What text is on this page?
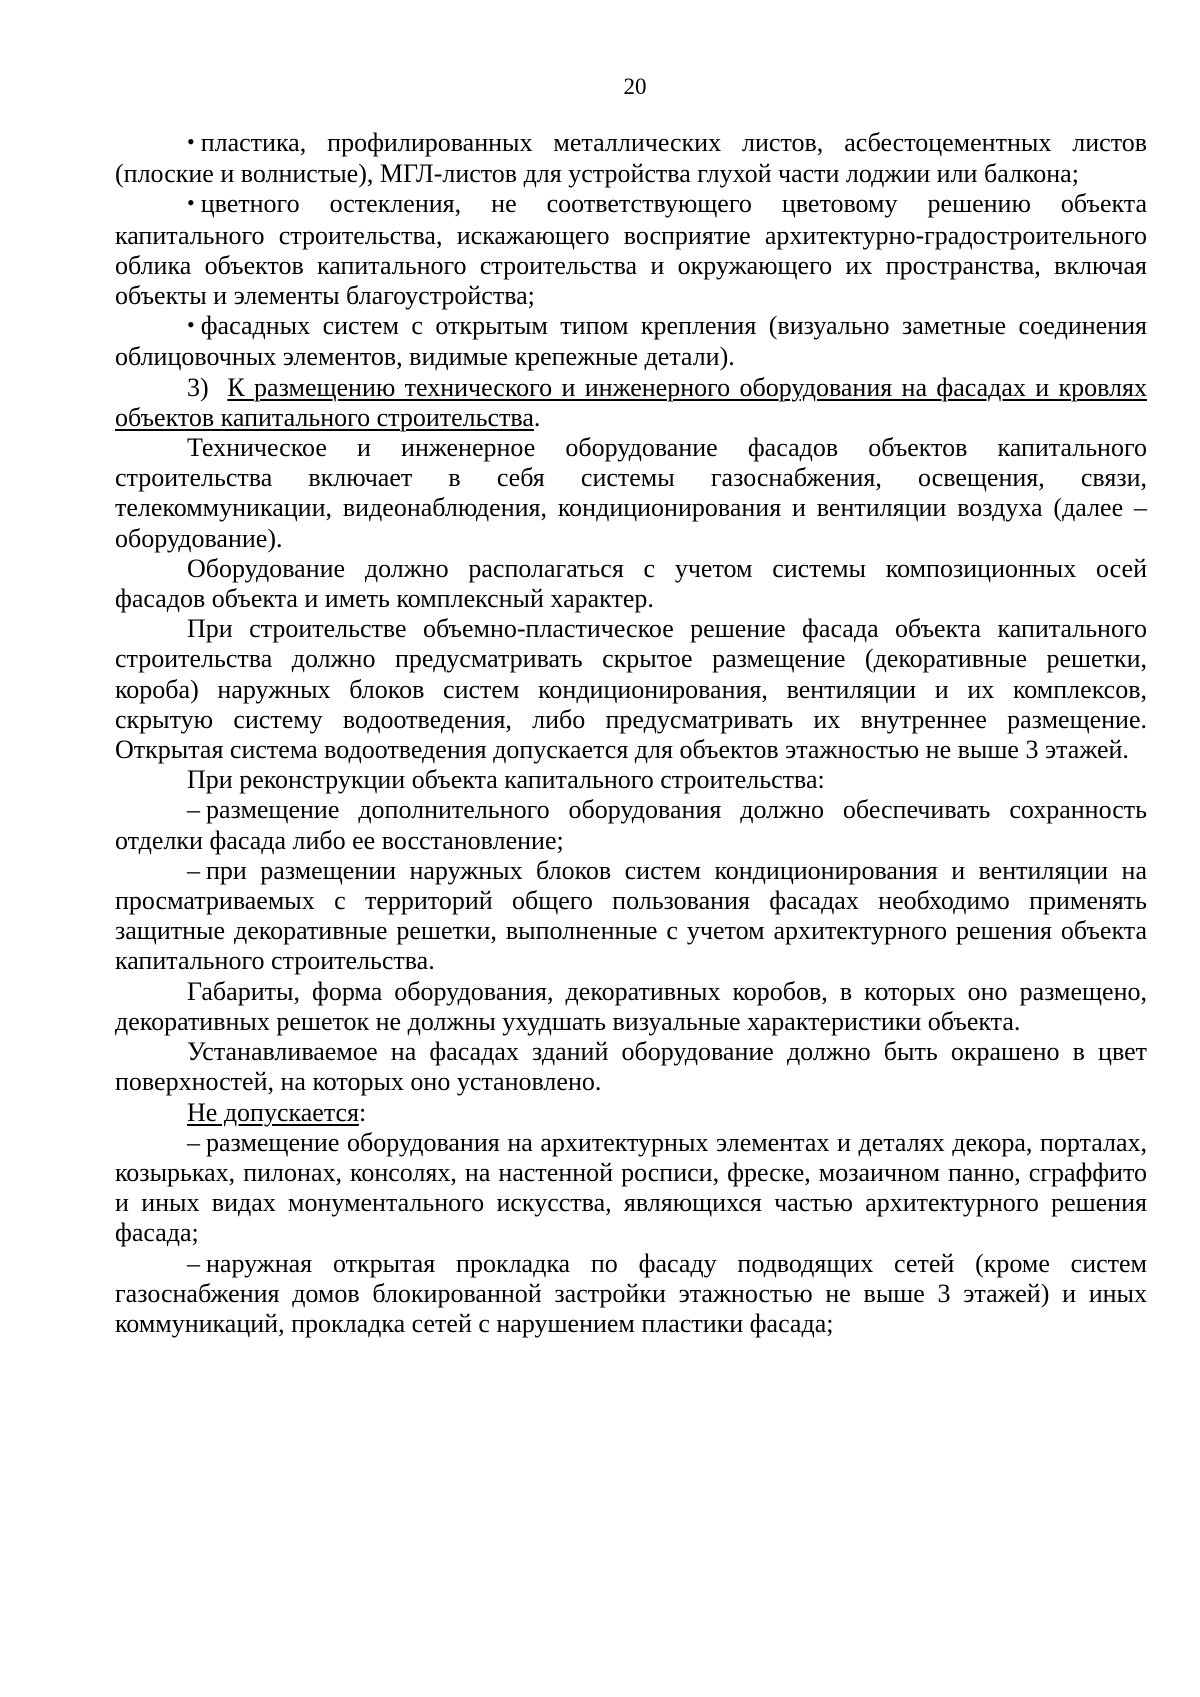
20

• пластика, профилированных металлических листов, асбестоцементных листов (плоские и волнистые), МГЛ-листов для устройства глухой части лоджии или балкона;

• цветного остекления, не соответствующего цветовому решению объекта капитального строительства, искажающего восприятие архитектурно-градостроительного облика объектов капитального строительства и окружающего их пространства, включая объекты и элементы благоустройства;

• фасадных систем с открытым типом крепления (визуально заметные соединения облицовочных элементов, видимые крепежные детали).

3) К размещению технического и инженерного оборудования на фасадах и кровлях объектов капитального строительства.

Техническое и инженерное оборудование фасадов объектов капитального строительства включает в себя системы газоснабжения, освещения, связи, телекоммуникации, видеонаблюдения, кондиционирования и вентиляции воздуха (далее – оборудование).

Оборудование должно располагаться с учетом системы композиционных осей фасадов объекта и иметь комплексный характер.

При строительстве объемно-пластическое решение фасада объекта капитального строительства должно предусматривать скрытое размещение (декоративные решетки, короба) наружных блоков систем кондиционирования, вентиляции и их комплексов, скрытую систему водоотведения, либо предусматривать их внутреннее размещение. Открытая система водоотведения допускается для объектов этажностью не выше 3 этажей.

При реконструкции объекта капитального строительства:

– размещение дополнительного оборудования должно обеспечивать сохранность отделки фасада либо ее восстановление;

– при размещении наружных блоков систем кондиционирования и вентиляции на просматриваемых с территорий общего пользования фасадах необходимо применять защитные декоративные решетки, выполненные с учетом архитектурного решения объекта капитального строительства.

Габариты, форма оборудования, декоративных коробов, в которых оно размещено, декоративных решеток не должны ухудшать визуальные характеристики объекта.

Устанавливаемое на фасадах зданий оборудование должно быть окрашено в цвет поверхностей, на которых оно установлено.

Не допускается:

– размещение оборудования на архитектурных элементах и деталях декора, порталах, козырьках, пилонах, консолях, на настенной росписи, фреске, мозаичном панно, сграффито и иных видах монументального искусства, являющихся частью архитектурного решения фасада;

– наружная открытая прокладка по фасаду подводящих сетей (кроме систем газоснабжения домов блокированной застройки этажностью не выше 3 этажей) и иных коммуникаций, прокладка сетей с нарушением пластики фасада;
